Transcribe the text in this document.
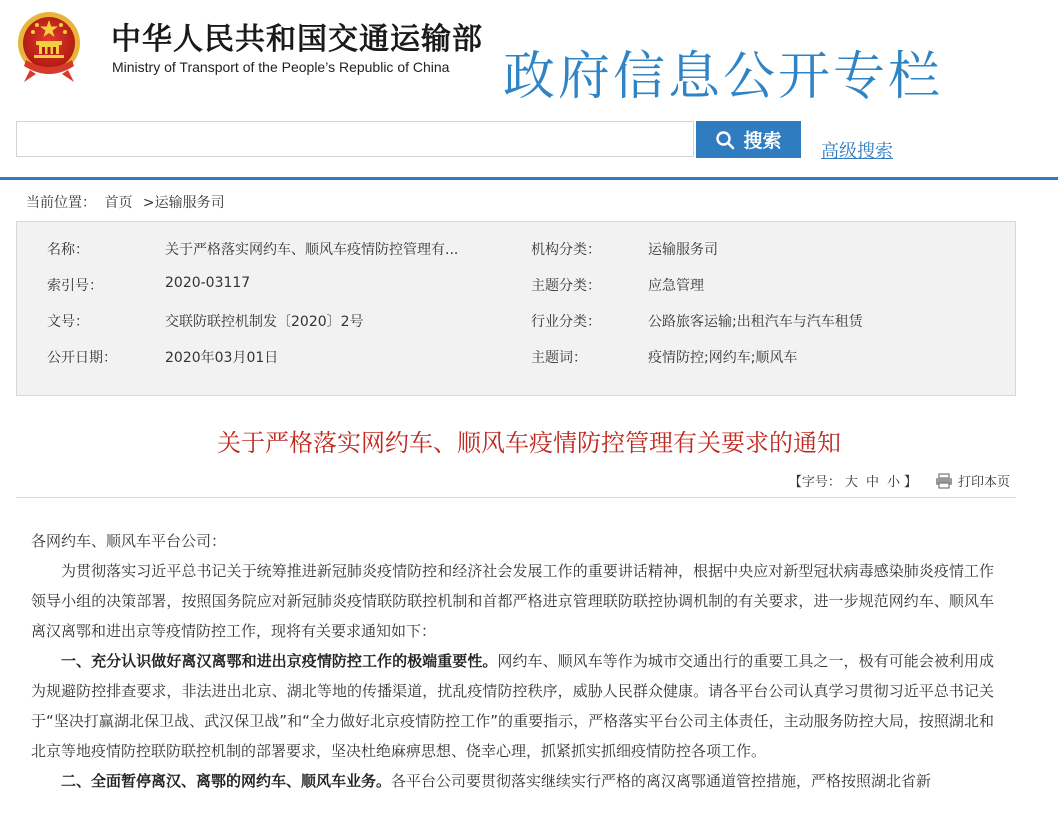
中华人民共和国交通运输部
Ministry of Transport of the People’s Republic of China 政府信息公开专栏
搜索 高级搜索
当前位置： 首页 >运输服务司
名称：	关于严格落实网约车、顺风车疫情防控管理有...	机构分类：	运输服务司
索引号：	2020-03117	主题分类：	应急管理
文号：	交联防联控机制发〔2020〕2号	行业分类：	公路旅客运输;出租汽车与汽车租赁
公开日期：	2020年03月01日	主题词：	疫情防控;网约车;顺风车
关于严格落实网约车、顺风车疫情防控管理有关要求的通知
【字号： 大 中 小 】	打印本页

各网约车、顺风车平台公司：

为贯彻落实习近平总书记关于统筹推进新冠肺炎疫情防控和经济社会发展工作的重要讲话精神，根据中央应对新型冠状病毒感染肺炎疫情工作领导小组的决策部署，按照国务院应对新冠肺炎疫情联防联控机制和首都严格进京管理联防联控协调机制的有关要求，进一步规范网约车、顺风车离汉离鄂和进出京等疫情防控工作，现将有关要求通知如下：

一、充分认识做好离汉离鄂和进出京疫情防控工作的极端重要性。网约车、顺风车等作为城市交通出行的重要工具之一，极有可能会被利用成为规避防控排查要求，非法进出北京、湖北等地的传播渠道，扰乱疫情防控秩序，威胁人民群众健康。请各平台公司认真学习贯彻习近平总书记关于“坚决打赢湖北保卫战、武汉保卫战”和“全力做好北京疫情防控工作”的重要指示，严格落实平台公司主体责任，主动服务防控大局，按照湖北和北京等地疫情防控联防联控机制的部署要求，坚决杜绝麻痹思想、侥幸心理，抓紧抓实抓细疫情防控各项工作。

二、全面暂停离汉、离鄂的网约车、顺风车业务。各平台公司要贯彻落实继续实行严格的离汉离鄂通道管控措施，严格按照湖北省新
